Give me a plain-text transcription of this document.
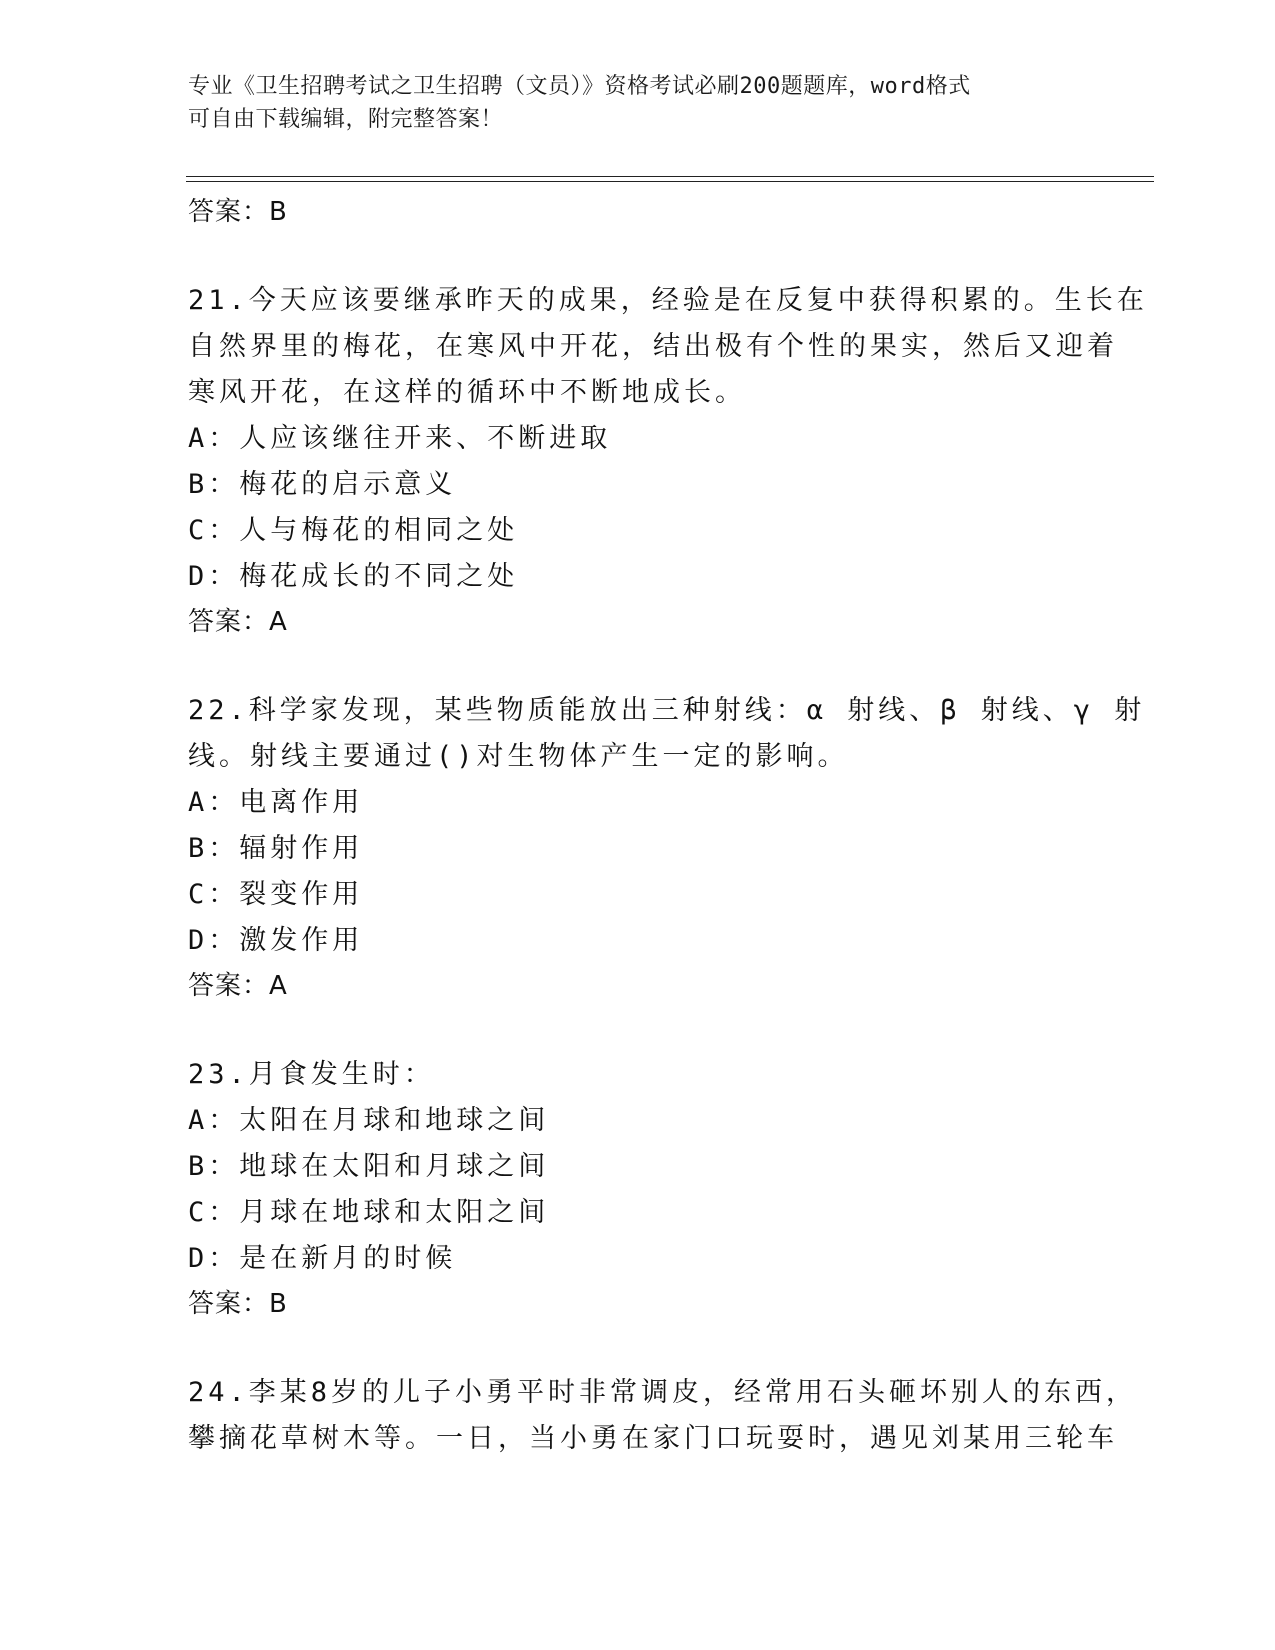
专业《卫生招聘考试之卫生招聘（文员）》资格考试必刷200题题库，word格式
可自由下载编辑，附完整答案！
答案：B
21.今天应该要继承昨天的成果，经验是在反复中获得积累的。生长在
自然界里的梅花，在寒风中开花，结出极有个性的果实，然后又迎着
寒风开花，在这样的循环中不断地成长。
A：人应该继往开来、不断进取
B：梅花的启示意义
C：人与梅花的相同之处
D：梅花成长的不同之处
答案：A
22.科学家发现，某些物质能放出三种射线：α 射线、β 射线、γ 射
线。射线主要通过()对生物体产生一定的影响。
A：电离作用
B：辐射作用
C：裂变作用
D：激发作用
答案：A
23.月食发生时：
A：太阳在月球和地球之间
B：地球在太阳和月球之间
C：月球在地球和太阳之间
D：是在新月的时候
答案：B
24.李某8岁的儿子小勇平时非常调皮，经常用石头砸坏别人的东西，
攀摘花草树木等。一日，当小勇在家门口玩耍时，遇见刘某用三轮车
